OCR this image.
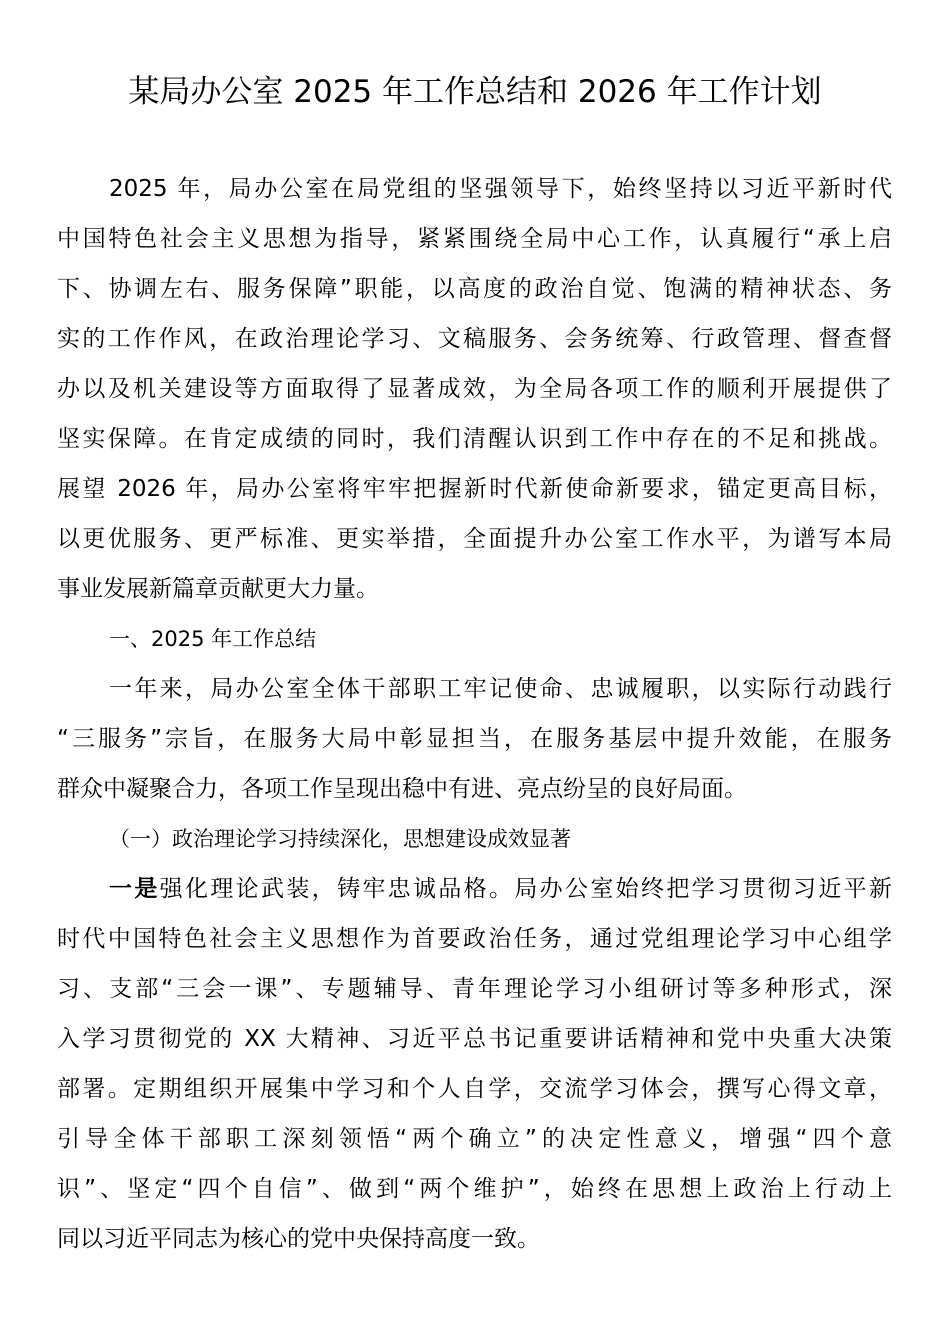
某局办公室 2025 年工作总结和 2026 年工作计划
2025 年，局办公室在局党组的坚强领导下，始终坚持以习近平新时代
中国特色社会主义思想为指导，紧紧围绕全局中心工作，认真履行“承上启
下、协调左右、服务保障”职能，以高度的政治自觉、饱满的精神状态、务
实的工作作风，在政治理论学习、文稿服务、会务统筹、行政管理、督查督
办以及机关建设等方面取得了显著成效，为全局各项工作的顺利开展提供了
坚实保障。在肯定成绩的同时，我们清醒认识到工作中存在的不足和挑战。
展望 2026 年，局办公室将牢牢把握新时代新使命新要求，锚定更高目标，
以更优服务、更严标准、更实举措，全面提升办公室工作水平，为谱写本局
事业发展新篇章贡献更大力量。
一、2025 年工作总结
一年来，局办公室全体干部职工牢记使命、忠诚履职，以实际行动践行
“三服务”宗旨，在服务大局中彰显担当，在服务基层中提升效能，在服务
群众中凝聚合力，各项工作呈现出稳中有进、亮点纷呈的良好局面。
（一）政治理论学习持续深化，思想建设成效显著
一是强化理论武装，铸牢忠诚品格。局办公室始终把学习贯彻习近平新
时代中国特色社会主义思想作为首要政治任务，通过党组理论学习中心组学
习、支部“三会一课”、专题辅导、青年理论学习小组研讨等多种形式，深
入学习贯彻党的 XX 大精神、习近平总书记重要讲话精神和党中央重大决策
部署。定期组织开展集中学习和个人自学，交流学习体会，撰写心得文章，
引导全体干部职工深刻领悟“两个确立”的决定性意义，增强“四个意
识”、坚定“四个自信”、做到“两个维护”，始终在思想上政治上行动上
同以习近平同志为核心的党中央保持高度一致。
